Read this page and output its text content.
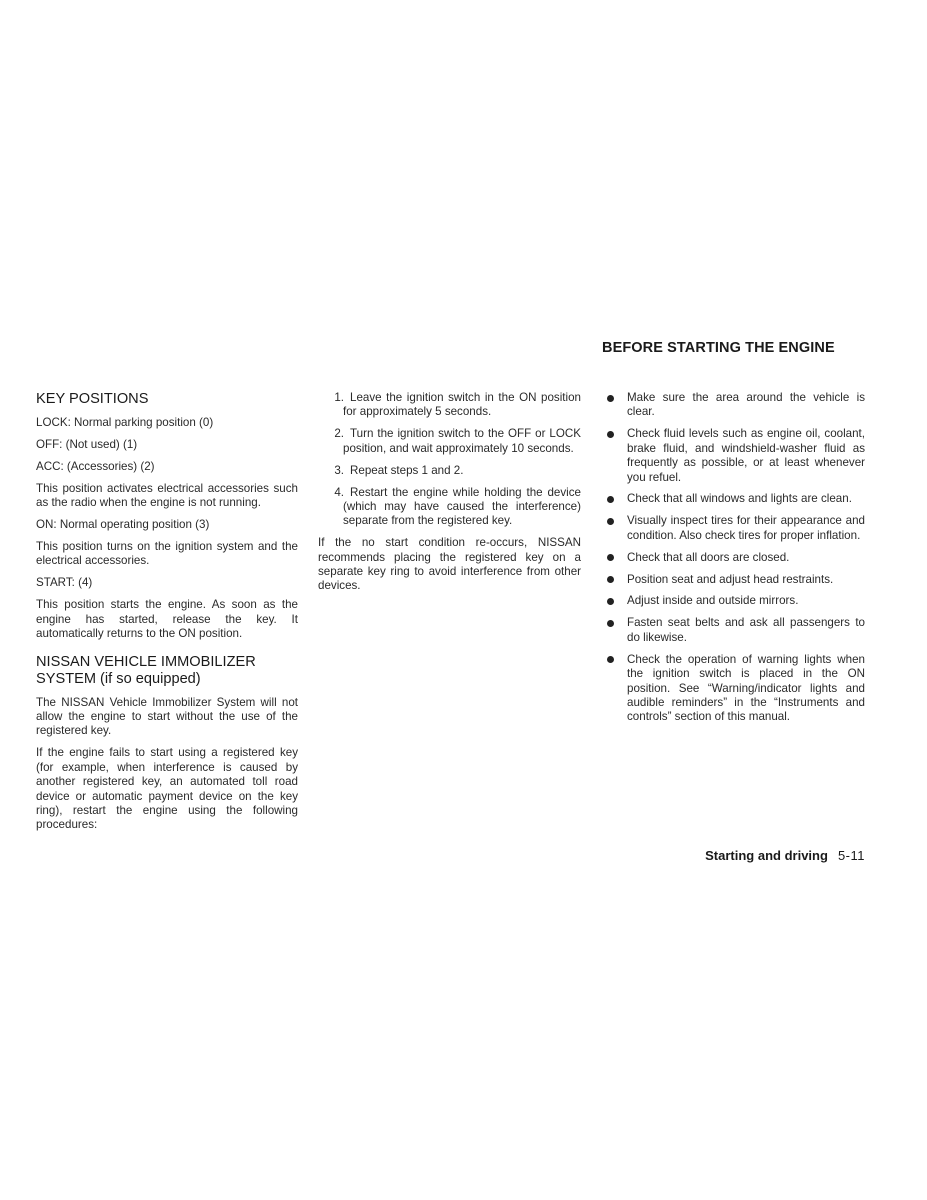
BEFORE STARTING THE ENGINE
KEY POSITIONS

LOCK: Normal parking position (0)

OFF: (Not used) (1)

ACC: (Accessories) (2)

This position activates electrical accessories such as the radio when the engine is not running.

ON: Normal operating position (3)

This position turns on the ignition system and the electrical accessories.

START: (4)

This position starts the engine. As soon as the engine has started, release the key. It automatically returns to the ON position.

NISSAN VEHICLE IMMOBILIZER
SYSTEM (if so equipped)

The NISSAN Vehicle Immobilizer System will not allow the engine to start without the use of the registered key.

If the engine fails to start using a registered key (for example, when interference is caused by another registered key, an automated toll road device or automatic payment device on the key ring), restart the engine using the following procedures:

1. Leave the ignition switch in the ON position for approximately 5 seconds.
2. Turn the ignition switch to the OFF or LOCK position, and wait approximately 10 seconds.
3. Repeat steps 1 and 2.
4. Restart the engine while holding the device (which may have caused the interference) separate from the registered key.

If the no start condition re-occurs, NISSAN recommends placing the registered key on a separate key ring to avoid interference from other devices.

Make sure the area around the vehicle is clear.
Check fluid levels such as engine oil, coolant, brake fluid, and windshield-washer fluid as frequently as possible, or at least whenever you refuel.
Check that all windows and lights are clean.
Visually inspect tires for their appearance and condition. Also check tires for proper inflation.
Check that all doors are closed.
Position seat and adjust head restraints.
Adjust inside and outside mirrors.
Fasten seat belts and ask all passengers to do likewise.
Check the operation of warning lights when the ignition switch is placed in the ON position. See “Warning/indicator lights and audible reminders” in the “Instruments and controls” section of this manual.
Starting and driving 5-11
